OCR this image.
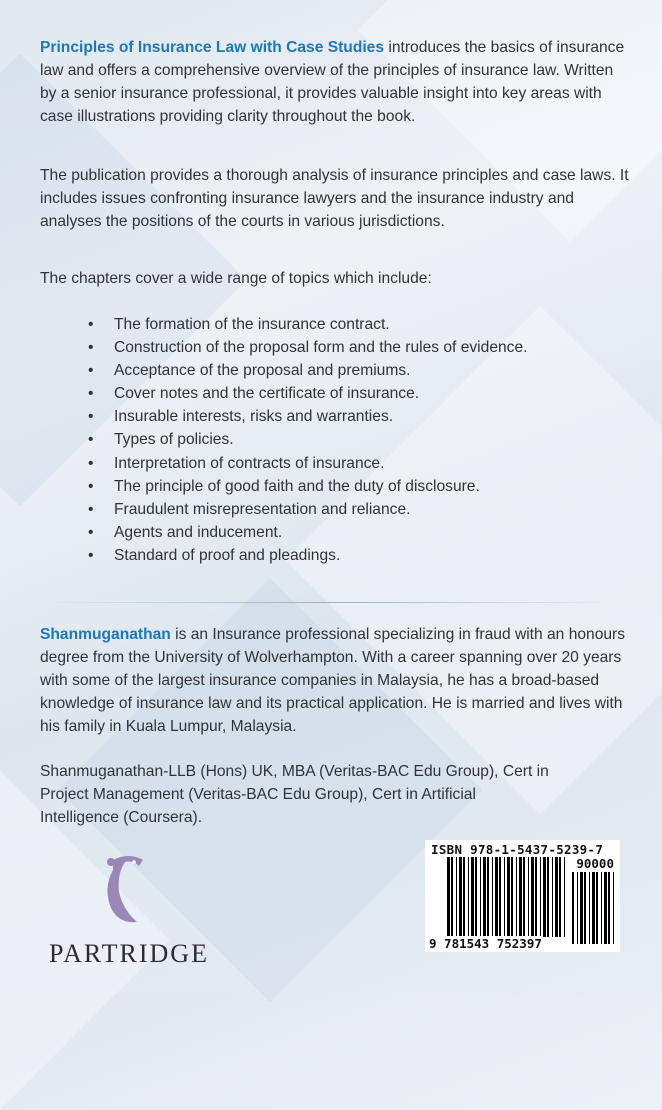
Principles of Insurance Law with Case Studies introduces the basics of insurance law and offers a comprehensive overview of the principles of insurance law. Written by a senior insurance professional, it provides valuable insight into key areas with case illustrations providing clarity throughout the book.

The publication provides a thorough analysis of insurance principles and case laws. It includes issues confronting insurance lawyers and the insurance industry and analyses the positions of the courts in various jurisdictions.

The chapters cover a wide range of topics which include:

• The formation of the insurance contract.
• Construction of the proposal form and the rules of evidence.
• Acceptance of the proposal and premiums.
• Cover notes and the certificate of insurance.
• Insurable interests, risks and warranties.
• Types of policies.
• Interpretation of contracts of insurance.
• The principle of good faith and the duty of disclosure.
• Fraudulent misrepresentation and reliance.
• Agents and inducement.
• Standard of proof and pleadings.

Shanmuganathan is an Insurance professional specializing in fraud with an honours degree from the University of Wolverhampton. With a career spanning over 20 years with some of the largest insurance companies in Malaysia, he has a broad-based knowledge of insurance law and its practical application. He is married and lives with his family in Kuala Lumpur, Malaysia.

Shanmuganathan-LLB (Hons) UK, MBA (Veritas-BAC Edu Group), Cert in Project Management (Veritas-BAC Edu Group), Cert in Artificial Intelligence (Coursera).

PARTRIDGE
ISBN 978-1-5437-5239-7
90000
9 781543 752397
